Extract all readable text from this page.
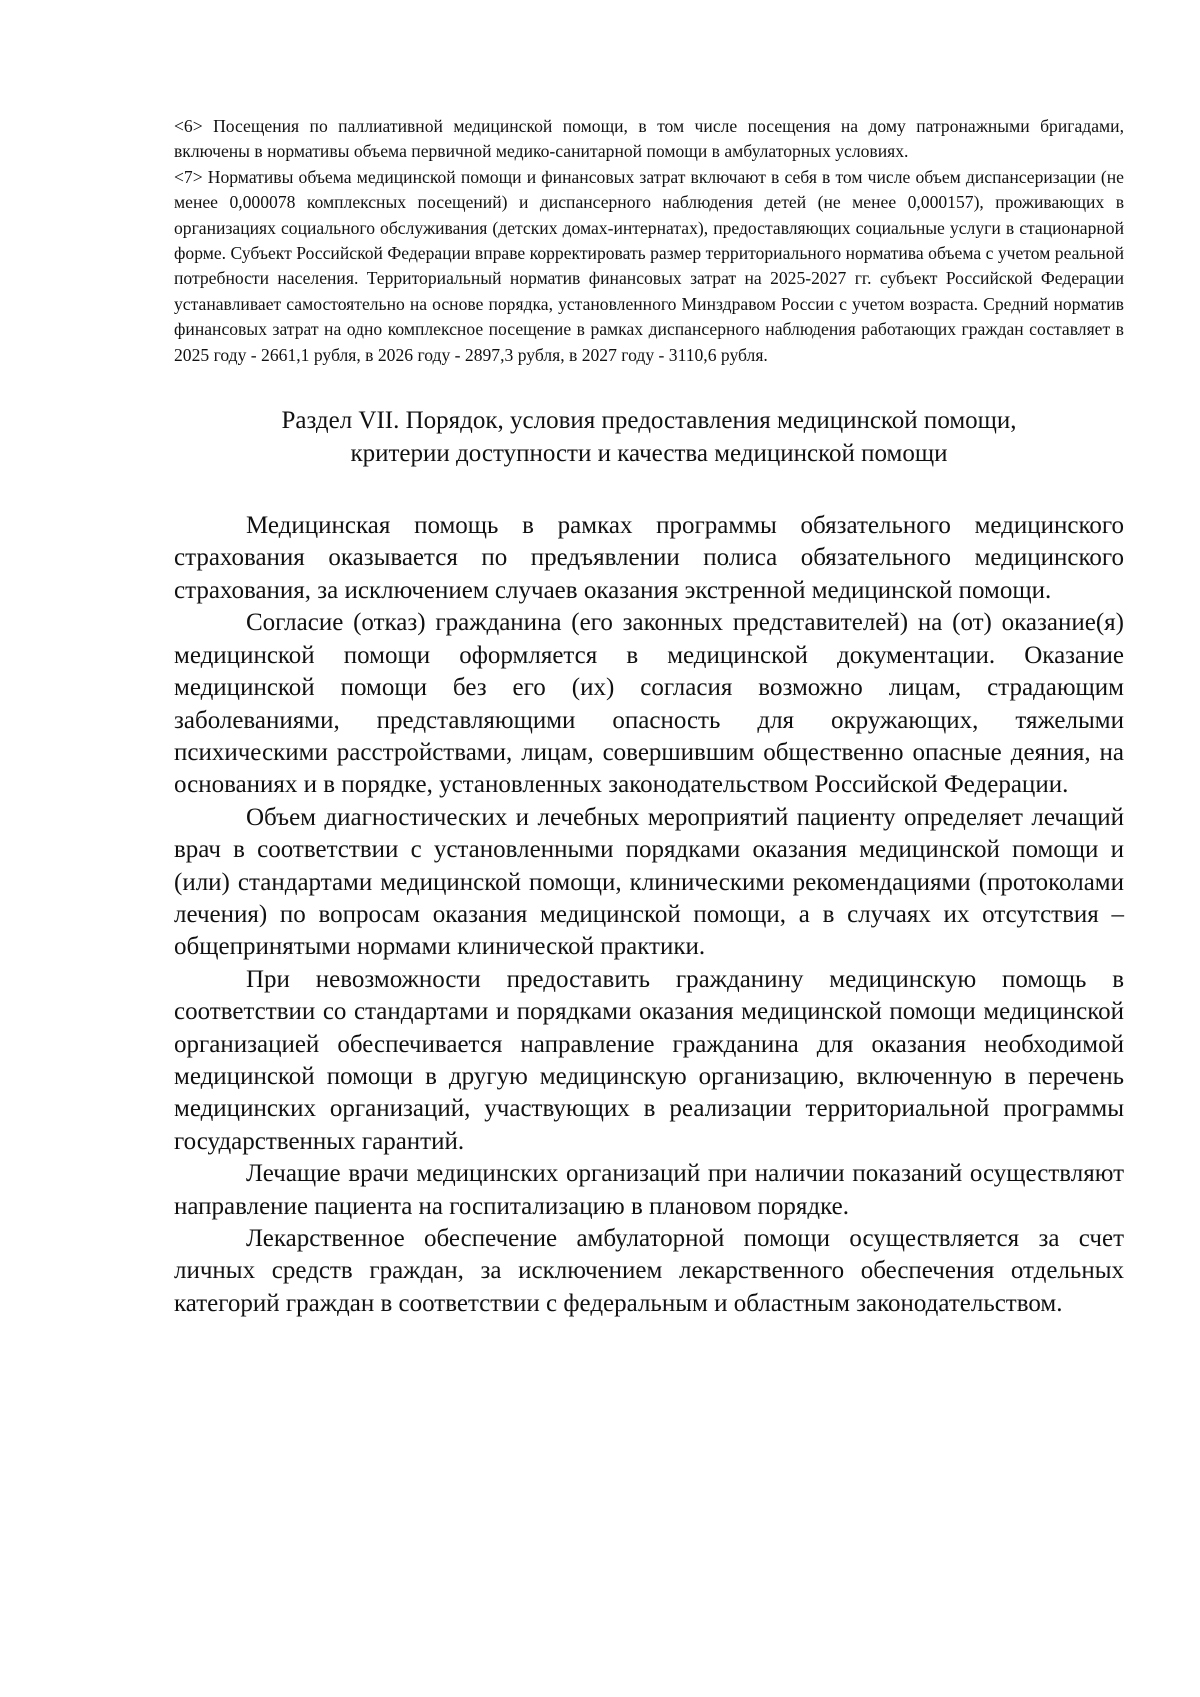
<6> Посещения по паллиативной медицинской помощи, в том числе посещения на дому патронажными бригадами, включены в нормативы объема первичной медико-санитарной помощи в амбулаторных условиях.

<7> Нормативы объема медицинской помощи и финансовых затрат включают в себя в том числе объем диспансеризации (не менее 0,000078 комплексных посещений) и диспансерного наблюдения детей (не менее 0,000157), проживающих в организациях социального обслуживания (детских домах-интернатах), предоставляющих социальные услуги в стационарной форме. Субъект Российской Федерации вправе корректировать размер территориального норматива объема с учетом реальной потребности населения. Территориальный норматив финансовых затрат на 2025-2027 гг. субъект Российской Федерации устанавливает самостоятельно на основе порядка, установленного Минздравом России с учетом возраста. Средний норматив финансовых затрат на одно комплексное посещение в рамках диспансерного наблюдения работающих граждан составляет в 2025 году - 2661,1 рубля, в 2026 году - 2897,3 рубля, в 2027 году - 3110,6 рубля.

Раздел VII. Порядок, условия предоставления медицинской помощи,
критерии доступности и качества медицинской помощи

Медицинская помощь в рамках программы обязательного медицинского страхования оказывается по предъявлении полиса обязательного медицинского страхования, за исключением случаев оказания экстренной медицинской помощи.

Согласие (отказ) гражданина (его законных представителей) на (от) оказание(я) медицинской помощи оформляется в медицинской документации. Оказание медицинской помощи без его (их) согласия возможно лицам, страдающим заболеваниями, представляющими опасность для окружающих, тяжелыми психическими расстройствами, лицам, совершившим общественно опасные деяния, на основаниях и в порядке, установленных законодательством Российской Федерации.

Объем диагностических и лечебных мероприятий пациенту определяет лечащий врач в соответствии с установленными порядками оказания медицинской помощи и (или) стандартами медицинской помощи, клиническими рекомендациями (протоколами лечения) по вопросам оказания медицинской помощи, а в случаях их отсутствия – общепринятыми нормами клинической практики.

При невозможности предоставить гражданину медицинскую помощь в соответствии со стандартами и порядками оказания медицинской помощи медицинской организацией обеспечивается направление гражданина для оказания необходимой медицинской помощи в другую медицинскую организацию, включенную в перечень медицинских организаций, участвующих в реализации территориальной программы государственных гарантий.

Лечащие врачи медицинских организаций при наличии показаний осуществляют направление пациента на госпитализацию в плановом порядке.

Лекарственное обеспечение амбулаторной помощи осуществляется за счет личных средств граждан, за исключением лекарственного обеспечения отдельных категорий граждан в соответствии с федеральным и областным законодательством.
